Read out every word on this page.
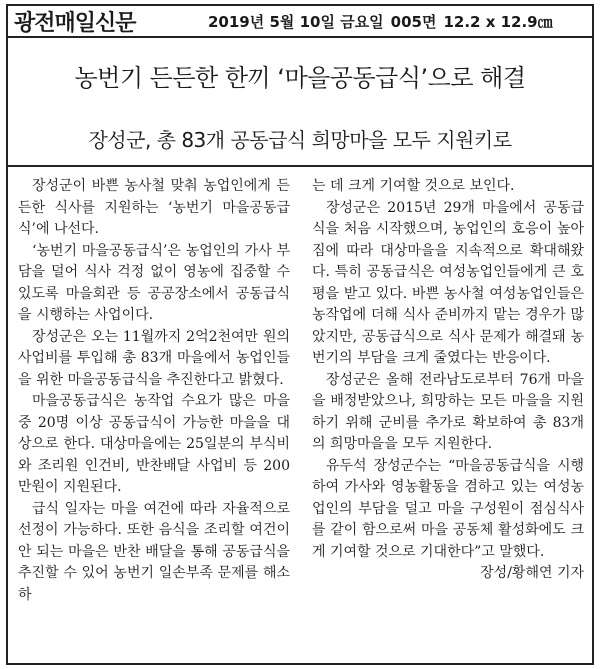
광전매일신문	2019년 5월 10일 금요일 005면 12.2 x 12.9㎝
농번기 든든한 한끼 ‘마을공동급식’으로 해결
장성군, 총 83개 공동급식 희망마을 모두 지원키로

장성군이 바쁜 농사철 맞춰 농업인에게 든든한 식사를 지원하는 ‘농번기 마을공동급식’에 나선다.

‘농번기 마을공동급식’은 농업인의 가사 부담을 덜어 식사 걱정 없이 영농에 집중할 수 있도록 마을회관 등 공공장소에서 공동급식을 시행하는 사업이다.

장성군은 오는 11월까지 2억2천여만 원의 사업비를 투입해 총 83개 마을에서 농업인들을 위한 마을공동급식을 추진한다고 밝혔다.

마을공동급식은 농작업 수요가 많은 마을 중 20명 이상 공동급식이 가능한 마을을 대상으로 한다. 대상마을에는 25일분의 부식비와 조리원 인건비, 반찬배달 사업비 등 200만원이 지원된다.

급식 일자는 마을 여건에 따라 자율적으로 선정이 가능하다. 또한 음식을 조리할 여건이 안 되는 마을은 반찬 배달을 통해 공동급식을 추진할 수 있어 농번기 일손부족 문제를 해소하

는 데 크게 기여할 것으로 보인다.

장성군은 2015년 29개 마을에서 공동급식을 처음 시작했으며, 농업인의 호응이 높아짐에 따라 대상마을을 지속적으로 확대해왔다. 특히 공동급식은 여성농업인들에게 큰 호평을 받고 있다. 바쁜 농사철 여성농업인들은 농작업에 더해 식사 준비까지 맡는 경우가 많았지만, 공동급식으로 식사 문제가 해결돼 농번기의 부담을 크게 줄였다는 반응이다.

장성군은 올해 전라남도로부터 76개 마을을 배정받았으나, 희망하는 모든 마을을 지원하기 위해 군비를 추가로 확보하여 총 83개의 희망마을을 모두 지원한다.

유두석 장성군수는 “마을공동급식을 시행하여 가사와 영농활동을 겸하고 있는 여성농업인의 부담을 덜고 마을 구성원이 점심식사를 같이 함으로써 마을 공동체 활성화에도 크게 기여할 것으로 기대한다”고 말했다.

장성/황해연 기자
